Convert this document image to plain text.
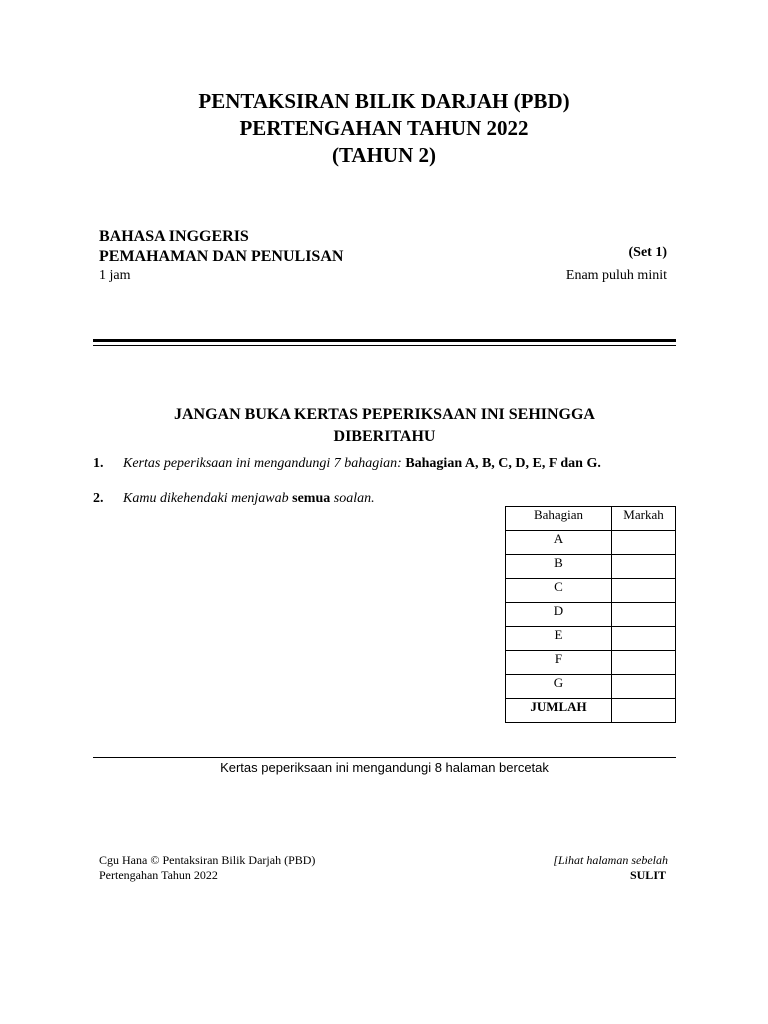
PENTAKSIRAN BILIK DARJAH (PBD)
PERTENGAHAN TAHUN 2022
(TAHUN 2)
BAHASA INGGERIS
PEMAHAMAN DAN PENULISAN	(Set 1)
1 jam	Enam puluh minit
JANGAN BUKA KERTAS PEPERIKSAAN INI SEHINGGA
DIBERITAHU
1. Kertas peperiksaan ini mengandungi 7 bahagian: Bahagian A, B, C, D, E, F dan G.
2. Kamu dikehendaki menjawab semua soalan.
Bahagian	Markah
A	
B	
C	
D	
E	
F	
G	
JUMLAH	
Kertas peperiksaan ini mengandungi 8 halaman bercetak
Cgu Hana © Pentaksiran Bilik Darjah (PBD)
Pertengahan Tahun 2022
[Lihat halaman sebelah
SULIT
